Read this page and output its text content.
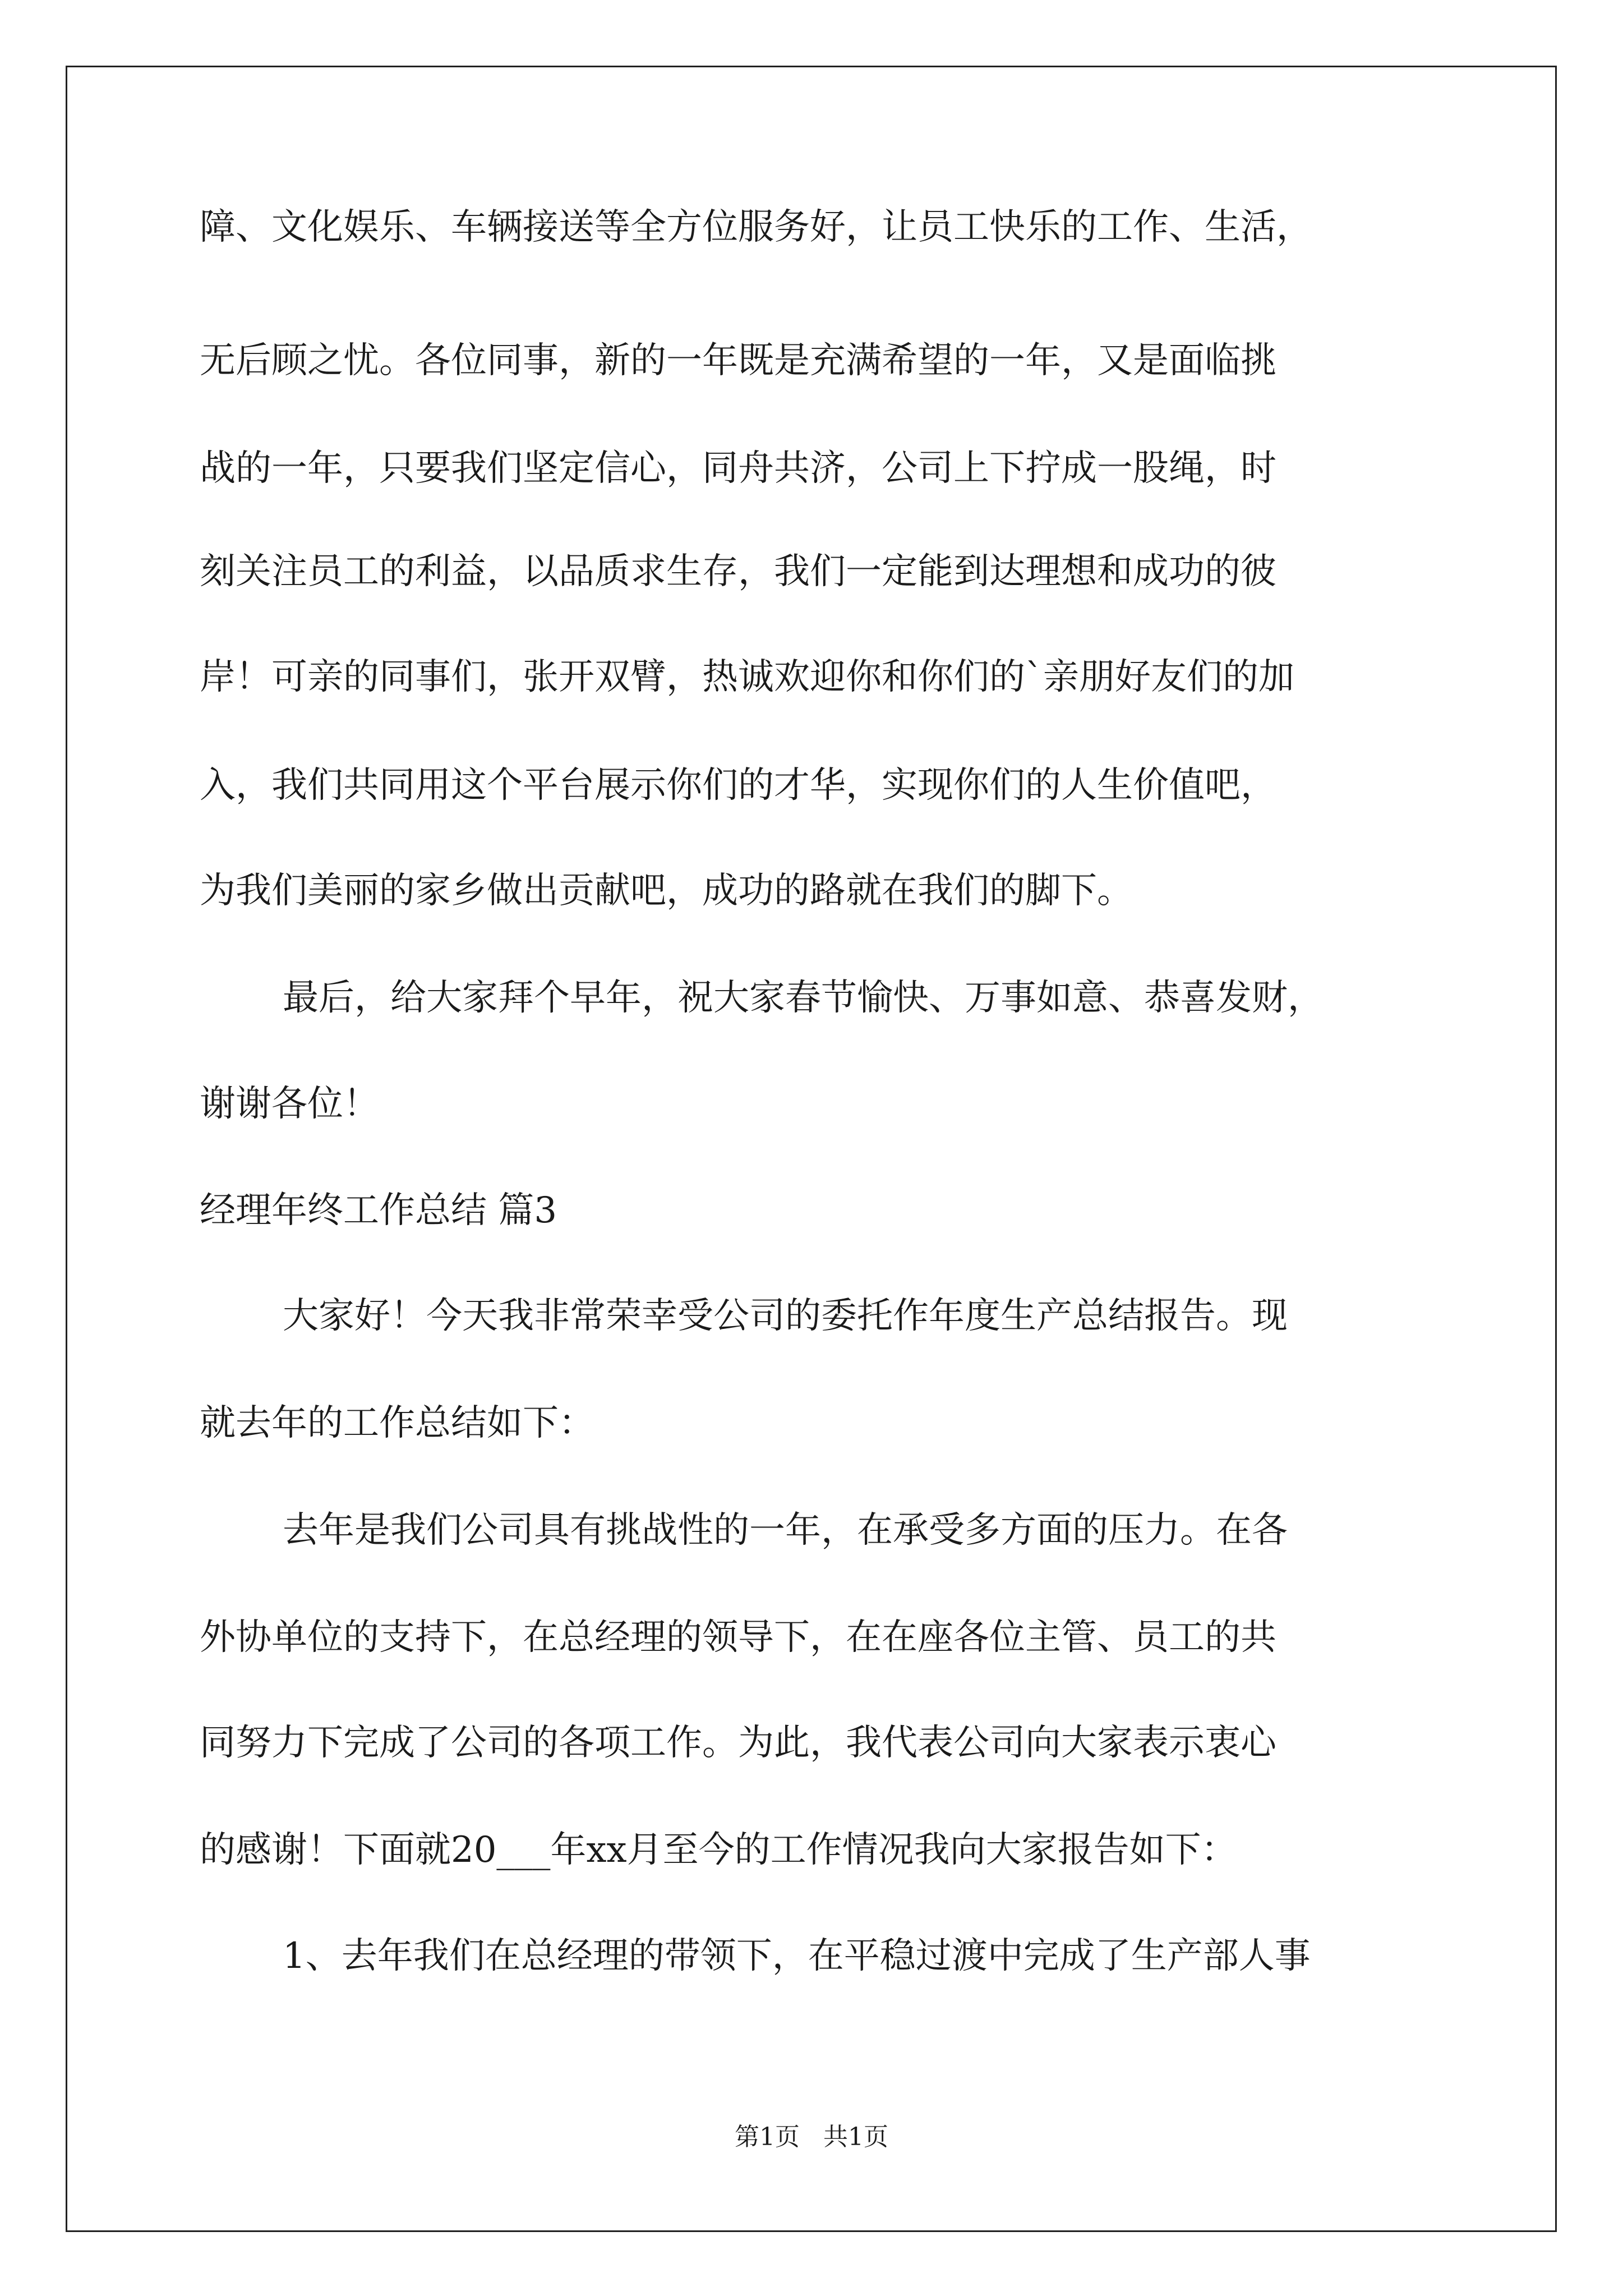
障、文化娱乐、车辆接送等全方位服务好，让员工快乐的工作、生活，
无后顾之忧。各位同事，新的一年既是充满希望的一年，又是面临挑
战的一年，只要我们坚定信心，同舟共济，公司上下拧成一股绳，时
刻关注员工的利益，以品质求生存，我们一定能到达理想和成功的彼
岸！可亲的同事们，张开双臂，热诚欢迎你和你们的`亲朋好友们的加
入，我们共同用这个平台展示你们的才华，实现你们的人生价值吧，
为我们美丽的家乡做出贡献吧，成功的路就在我们的脚下。
最后，给大家拜个早年，祝大家春节愉快、万事如意、恭喜发财，
谢谢各位！
经理年终工作总结 篇3
大家好！今天我非常荣幸受公司的委托作年度生产总结报告。现
就去年的工作总结如下：
去年是我们公司具有挑战性的一年，在承受多方面的压力。在各
外协单位的支持下，在总经理的领导下，在在座各位主管、员工的共
同努力下完成了公司的各项工作。为此，我代表公司向大家表示衷心
的感谢！下面就20___年xx月至今的工作情况我向大家报告如下：
1、去年我们在总经理的带领下，在平稳过渡中完成了生产部人事
第1页 共1页
